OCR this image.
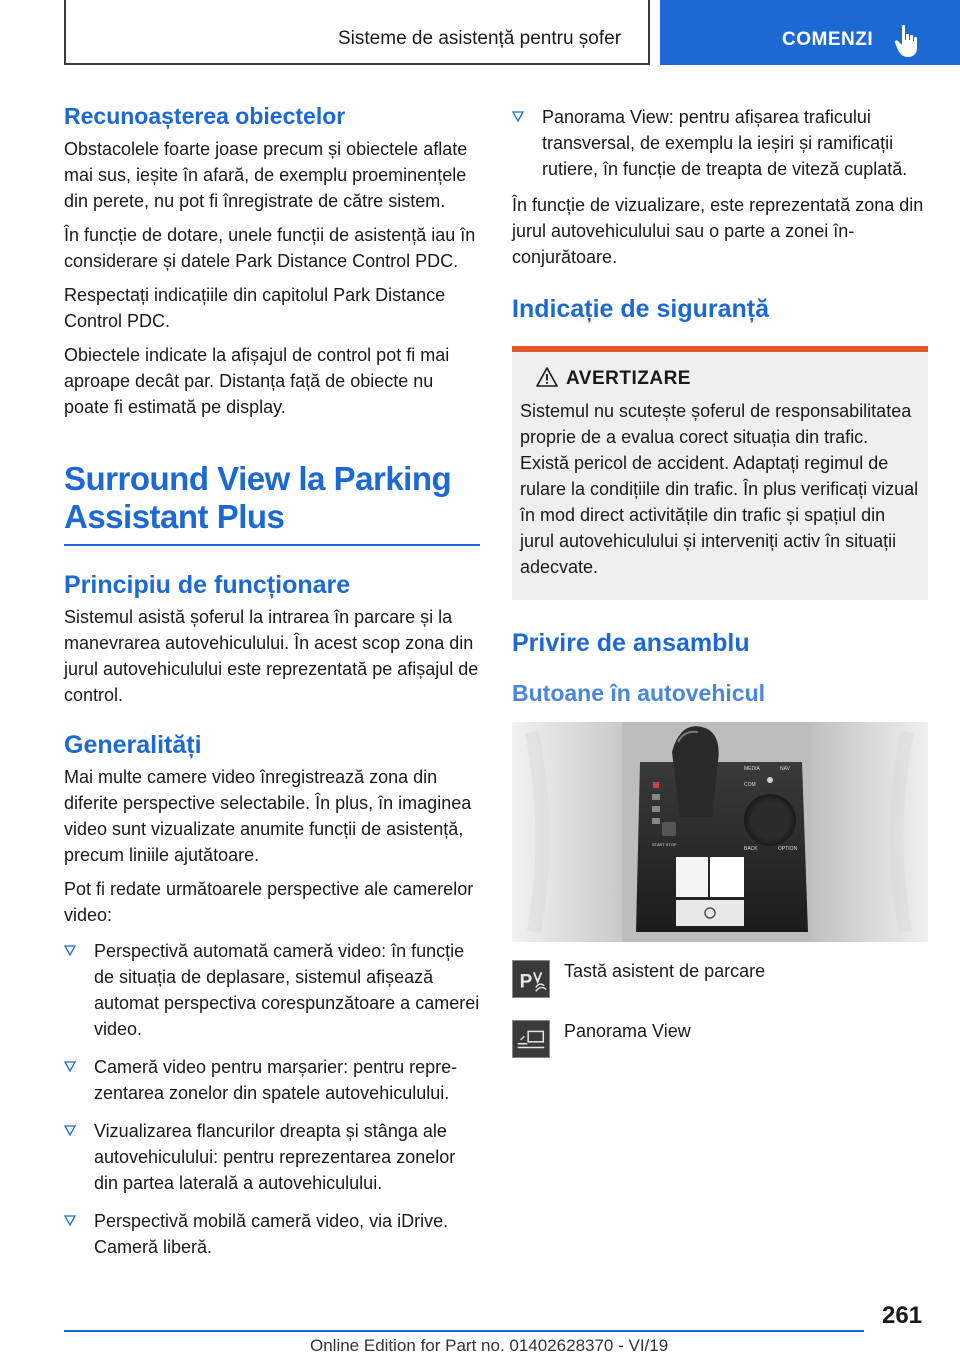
Sisteme de asistență pentru șofer	COMENZI
Recunoașterea obiectelor
Obstacolele foarte joase precum și obiectele aflate mai sus, ieșite în afară, de exemplu proeminențele din perete, nu pot fi înregistrate de către sistem.
În funcție de dotare, unele funcții de asistență iau în considerare și datele Park Distance Control PDC.
Respectați indicațiile din capitolul Park Distance Control PDC.
Obiectele indicate la afișajul de control pot fi mai aproape decât par. Distanța față de obiecte nu poate fi estimată pe display.
Surround View la Parking Assistant Plus
Principiu de funcționare
Sistemul asistă șoferul la intrarea în parcare și la manevrarea autovehiculului. În acest scop zona din jurul autovehiculului este reprezentată pe afișajul de control.
Generalități
Mai multe camere video înregistrează zona din diferite perspective selectabile. În plus, în imaginea video sunt vizualizate anumite funcții de asistență, precum liniile ajutătoare.
Pot fi redate următoarele perspective ale camerelor video:
Perspectivă automată cameră video: în funcție de situația de deplasare, sistemul afișează automat perspectiva corespunzătoare a camerei video.
Cameră video pentru marșarier: pentru reprezentarea zonelor din spatele autovehiculului.
Vizualizarea flancurilor dreapta și stânga ale autovehiculului: pentru reprezentarea zonelor din partea laterală a autovehiculului.
Perspectivă mobilă cameră video, via iDrive. Cameră liberă.
Panorama View: pentru afișarea traficului transversal, de exemplu la ieșiri și ramificații rutiere, în funcție de treapta de viteză cuplată.
În funcție de vizualizare, este reprezentată zona din jurul autovehiculului sau o parte a zonei înconjurătoare.
Indicație de siguranță
AVERTIZARE
Sistemul nu scutește șoferul de responsabilitatea proprie de a evalua corect situația din trafic. Există pericol de accident. Adaptați regimul de rulare la condițiile din trafic. În plus verificați vizual în mod direct activitățile din trafic și spațiul din jurul autovehiculului și interveniți activ în situații adecvate.
Privire de ansamblu
Butoane în autovehicul
START STOP
MEDIA	NAV
COM
BACK	OPTION
P
Tastă asistent de parcare
Panorama View
261
Online Edition for Part no. 01402628370 - VI/19
